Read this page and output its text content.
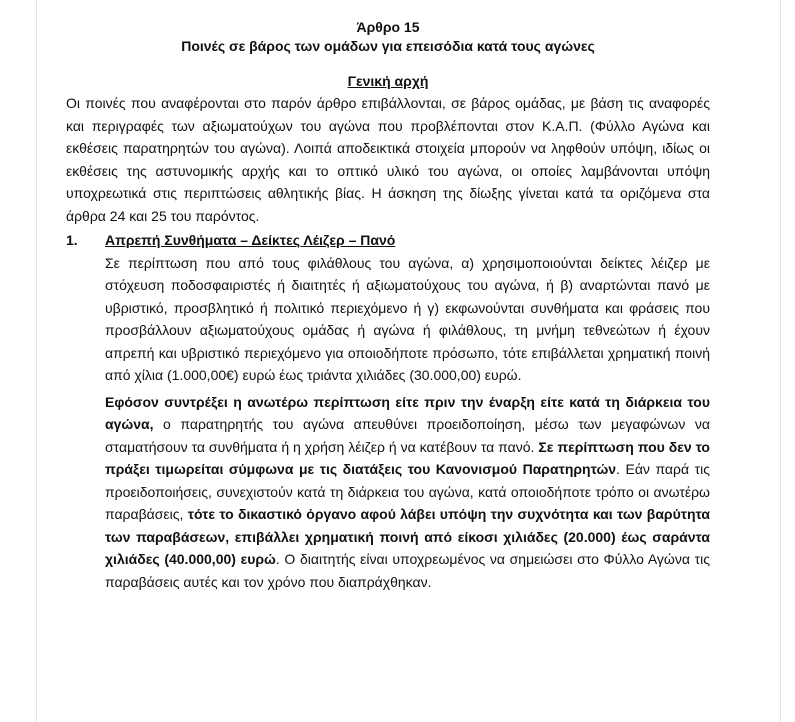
Άρθρο 15
Ποινές σε βάρος των ομάδων για επεισόδια κατά τους αγώνες
Γενική αρχή

Οι ποινές που αναφέρονται στο παρόν άρθρο επιβάλλονται, σε βάρος ομάδας, με βάση τις αναφορές και περιγραφές των αξιωματούχων του αγώνα που προβλέπονται στον Κ.Α.Π. (Φύλλο Αγώνα και εκθέσεις παρατηρητών του αγώνα). Λοιπά αποδεικτικά στοιχεία μπορούν να ληφθούν υπόψη, ιδίως οι εκθέσεις της αστυνομικής αρχής και το οπτικό υλικό του αγώνα, οι οποίες λαμβάνονται υπόψη υποχρεωτικά στις περιπτώσεις αθλητικής βίας. Η άσκηση της δίωξης γίνεται κατά τα οριζόμενα στα άρθρα 24 και 25 του παρόντος.

1.	Απρεπή Συνθήματα – Δείκτες Λέιζερ – Πανό

Σε περίπτωση που από τους φιλάθλους του αγώνα, α) χρησιμοποιούνται δείκτες λέιζερ με στόχευση ποδοσφαιριστές ή διαιτητές ή αξιωματούχους του αγώνα, ή β) αναρτώνται πανό με υβριστικό, προσβλητικό ή πολιτικό περιεχόμενο ή γ) εκφωνούνται συνθήματα και φράσεις που προσβάλλουν αξιωματούχους ομάδας ή αγώνα ή φιλάθλους, τη μνήμη τεθνεώτων ή έχουν απρεπή και υβριστικό περιεχόμενο για οποιοδήποτε πρόσωπο, τότε επιβάλλεται χρηματική ποινή από χίλια (1.000,00€) ευρώ έως τριάντα χιλιάδες (30.000,00) ευρώ.

Εφόσον συντρέξει η ανωτέρω περίπτωση είτε πριν την έναρξη είτε κατά τη διάρκεια του αγώνα, ο παρατηρητής του αγώνα απευθύνει προειδοποίηση, μέσω των μεγαφώνων να σταματήσουν τα συνθήματα ή η χρήση λέιζερ ή να κατέβουν τα πανό. Σε περίπτωση που δεν το πράξει τιμωρείται σύμφωνα με τις διατάξεις του Κανονισμού Παρατηρητών. Εάν παρά τις προειδοποιήσεις, συνεχιστούν κατά τη διάρκεια του αγώνα, κατά οποιοδήποτε τρόπο οι ανωτέρω παραβάσεις, τότε το δικαστικό όργανο αφού λάβει υπόψη την συχνότητα και των βαρύτητα των παραβάσεων, επιβάλλει χρηματική ποινή από είκοσι χιλιάδες (20.000) έως σαράντα χιλιάδες (40.000,00) ευρώ. Ο διαιτητής είναι υποχρεωμένος να σημειώσει στο Φύλλο Αγώνα τις παραβάσεις αυτές και τον χρόνο που διαπράχθηκαν.
